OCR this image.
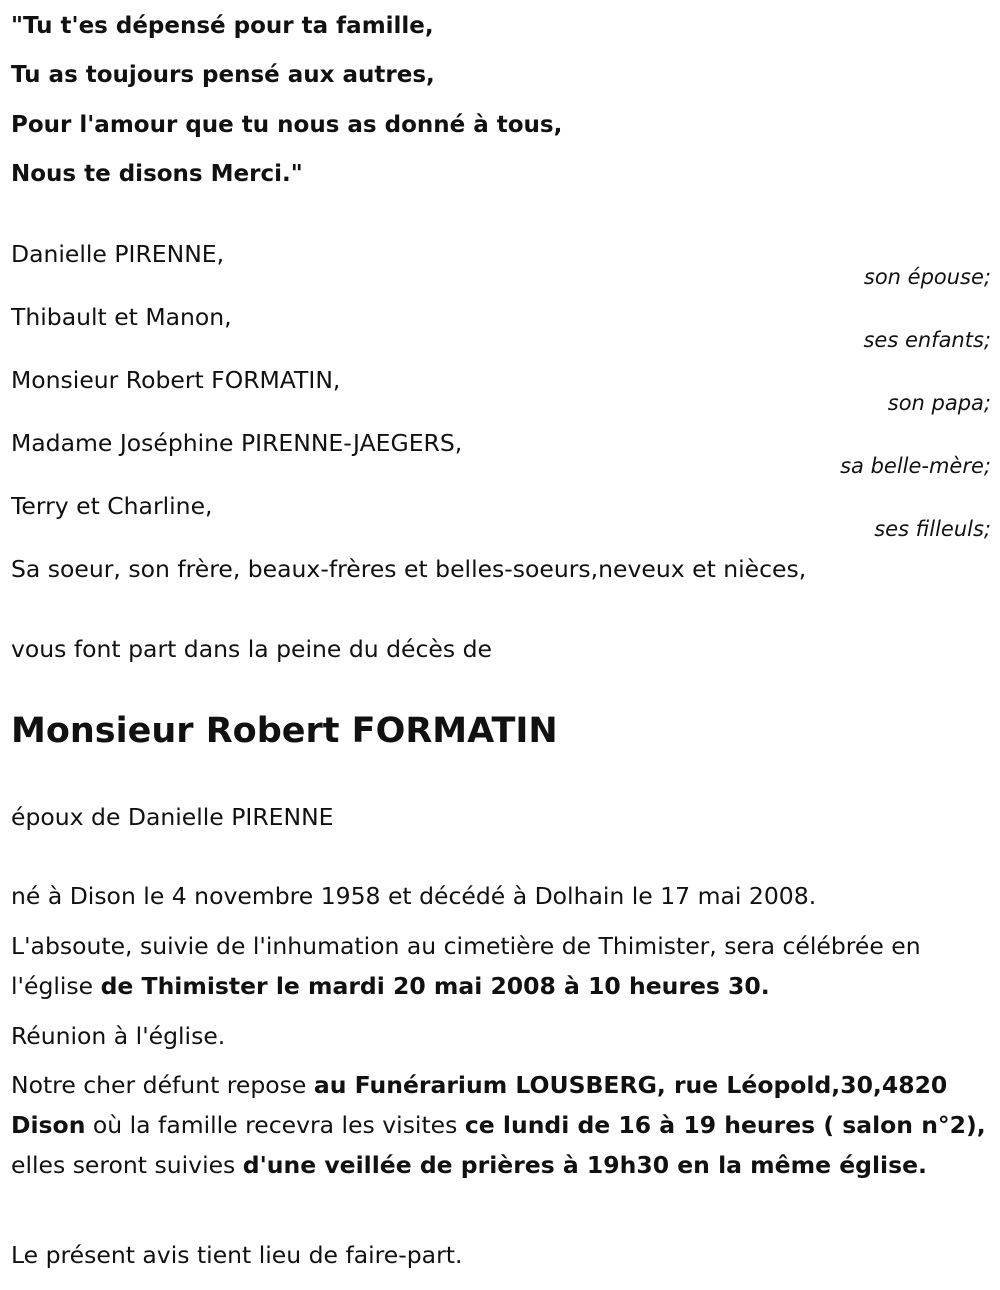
"Tu t'es dépensé pour ta famille,
Tu as toujours pensé aux autres,
Pour l'amour que tu nous as donné à tous,
Nous te disons Merci."
Danielle PIRENNE,
son épouse;
Thibault et Manon,
ses enfants;
Monsieur Robert FORMATIN,
son papa;
Madame Joséphine PIRENNE-JAEGERS,
sa belle-mère;
Terry et Charline,
ses filleuls;
Sa soeur, son frère, beaux-frères et belles-soeurs,neveux et nièces,
vous font part dans la peine du décès de
Monsieur Robert FORMATIN
époux de Danielle PIRENNE
né à Dison le 4 novembre 1958 et décédé à Dolhain le 17 mai 2008.
L'absoute, suivie de l'inhumation au cimetière de Thimister, sera célébrée en l'église de Thimister le mardi 20 mai 2008 à 10 heures 30.
Réunion à l'église.
Notre cher défunt repose au Funérarium LOUSBERG, rue Léopold,30,4820 Dison où la famille recevra les visites ce lundi de 16 à 19 heures ( salon n°2), elles seront suivies d'une veillée de prières à 19h30 en la même église.
Le présent avis tient lieu de faire-part.
